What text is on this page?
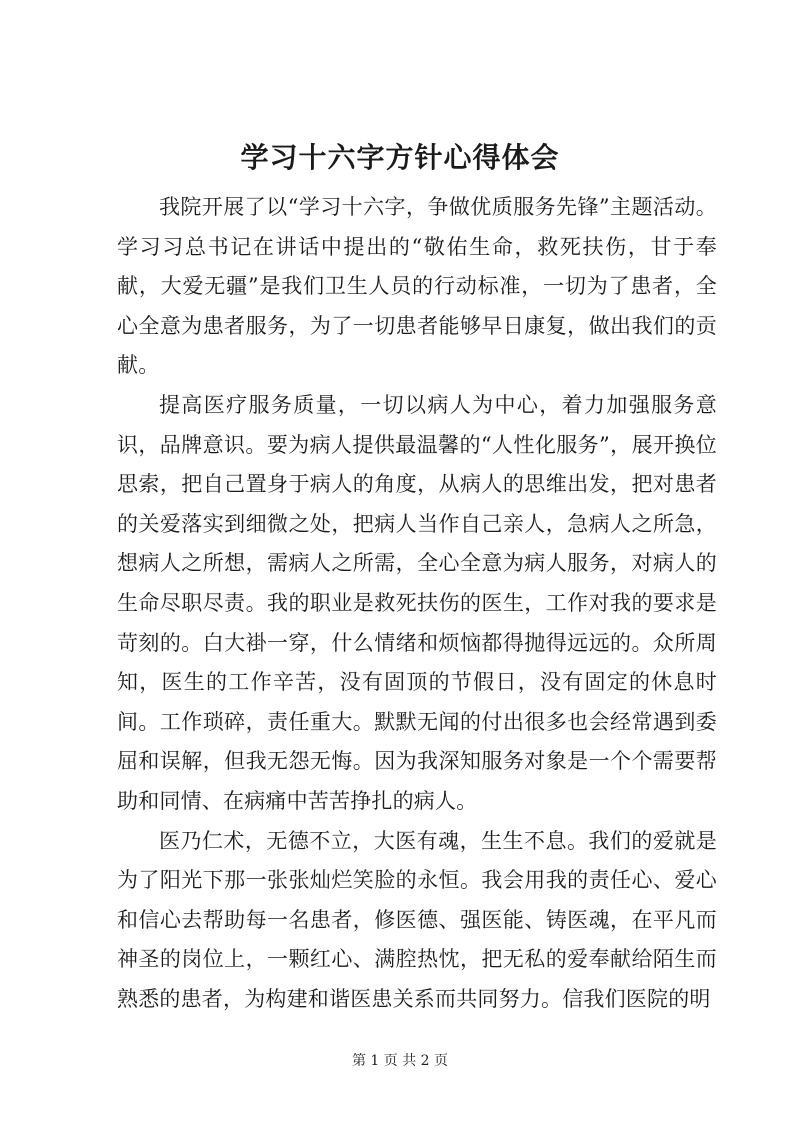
学习十六字方针心得体会

我院开展了以“学习十六字，争做优质服务先锋”主题活动。学习习总书记在讲话中提出的“敬佑生命，救死扶伤，甘于奉献，大爱无疆”是我们卫生人员的行动标准，一切为了患者，全心全意为患者服务，为了一切患者能够早日康复，做出我们的贡献。

提高医疗服务质量，一切以病人为中心，着力加强服务意识，品牌意识。要为病人提供最温馨的“人性化服务”，展开换位思索，把自己置身于病人的角度，从病人的思维出发，把对患者的关爱落实到细微之处，把病人当作自己亲人，急病人之所急，想病人之所想，需病人之所需，全心全意为病人服务，对病人的生命尽职尽责。我的职业是救死扶伤的医生，工作对我的要求是苛刻的。白大褂一穿，什么情绪和烦恼都得抛得远远的。众所周知，医生的工作辛苦，没有固顶的节假日，没有固定的休息时间。工作琐碎，责任重大。默默无闻的付出很多也会经常遇到委屈和误解，但我无怨无悔。因为我深知服务对象是一个个需要帮助和同情、在病痛中苦苦挣扎的病人。

医乃仁术，无德不立，大医有魂，生生不息。我们的爱就是为了阳光下那一张张灿烂笑脸的永恒。我会用我的责任心、爱心和信心去帮助每一名患者，修医德、强医能、铸医魂，在平凡而神圣的岗位上，一颗红心、满腔热忱，把无私的爱奉献给陌生而熟悉的患者，为构建和谐医患关系而共同努力。信我们医院的明

第 1 页 共 2 页
